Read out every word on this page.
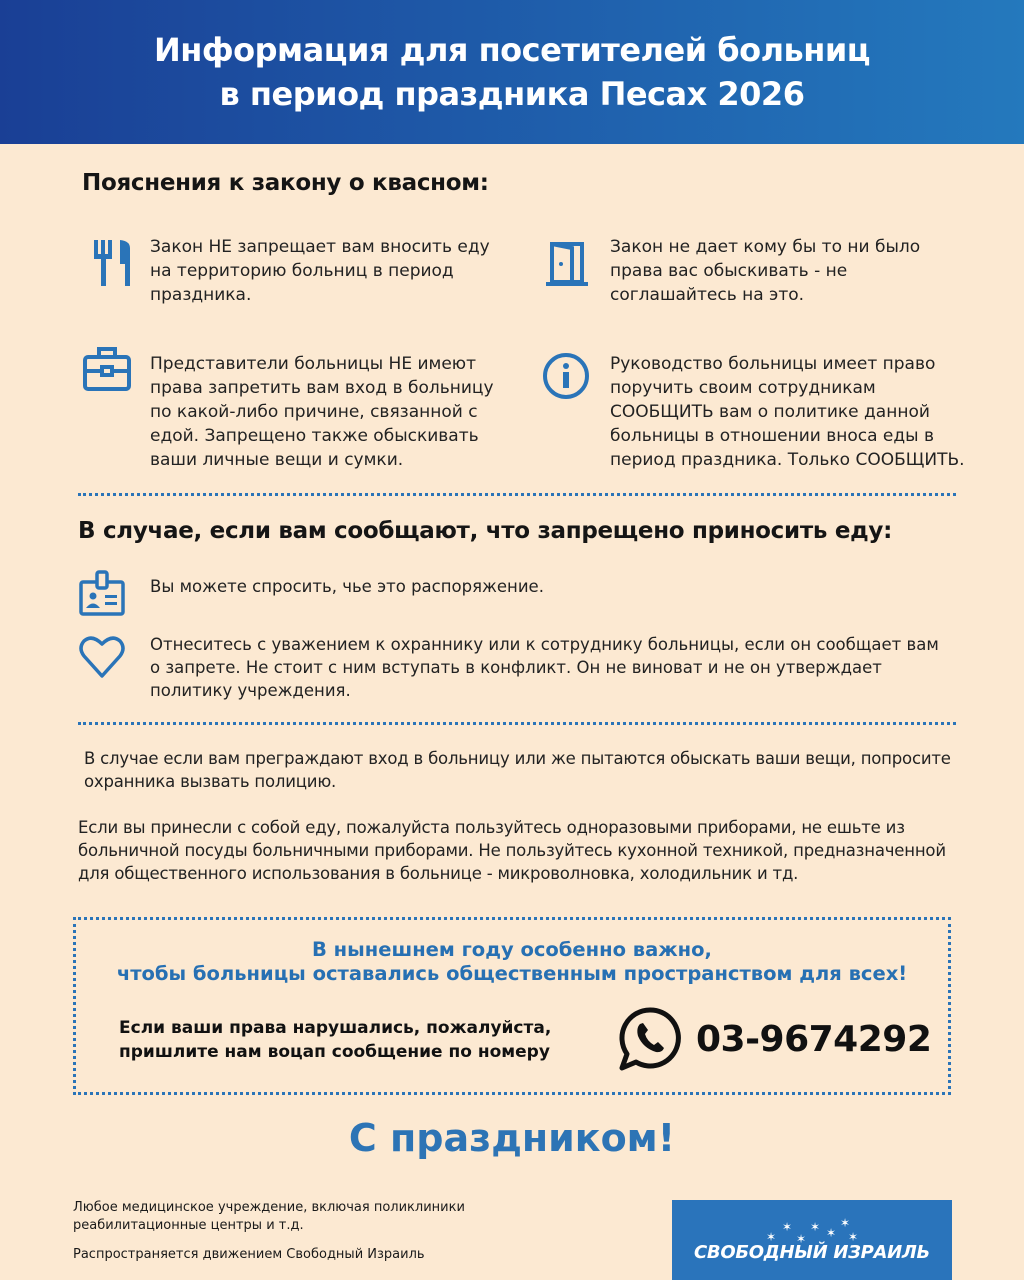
Информация для посетителей больниц
в период праздника Песах 2026
Пояснения к закону о квасном:
Закон НЕ запрещает вам вносить еду на территорию больниц в период праздника.
Закон не дает кому бы то ни было права вас обыскивать - не соглашайтесь на это.
Представители больницы НЕ имеют права запретить вам вход в больницу по какой-либо причине, связанной с едой. Запрещено также обыскивать ваши личные вещи и сумки.
Руководство больницы имеет право поручить своим сотрудникам СООБЩИТЬ вам о политике данной больницы в отношении вноса еды в период праздника. Только СООБЩИТЬ.
В случае, если вам сообщают, что запрещено приносить еду:
Вы можете спросить, чье это распоряжение.
Отнеситесь с уважением к охраннику или к сотруднику больницы, если он сообщает вам о запрете. Не стоит с ним вступать в конфликт. Он не виноват и не он утверждает политику учреждения.
В случае если вам преграждают вход в больницу или же пытаются обыскать ваши вещи, попросите охранника вызвать полицию.
Если вы принесли с собой еду, пожалуйста пользуйтесь одноразовыми приборами, не ешьте из больничной посуды больничными приборами. Не пользуйтесь кухонной техникой, предназначенной для общественного использования в больнице - микроволновка, холодильник и тд.
В нынешнем году особенно важно,
чтобы больницы оставались общественным пространством для всех!
Если ваши права нарушались, пожалуйста,
пришлите нам воцап сообщение по номеру	03-9674292
С праздником!
Любое медицинское учреждение, включая поликлиники
реабилитационные центры и т.д.
Распространяется движением Свободный Израиль
✶
✶
✶
✶ ✶
✶
✶
СВОБОДНЫЙ ИЗРАИЛЬ
